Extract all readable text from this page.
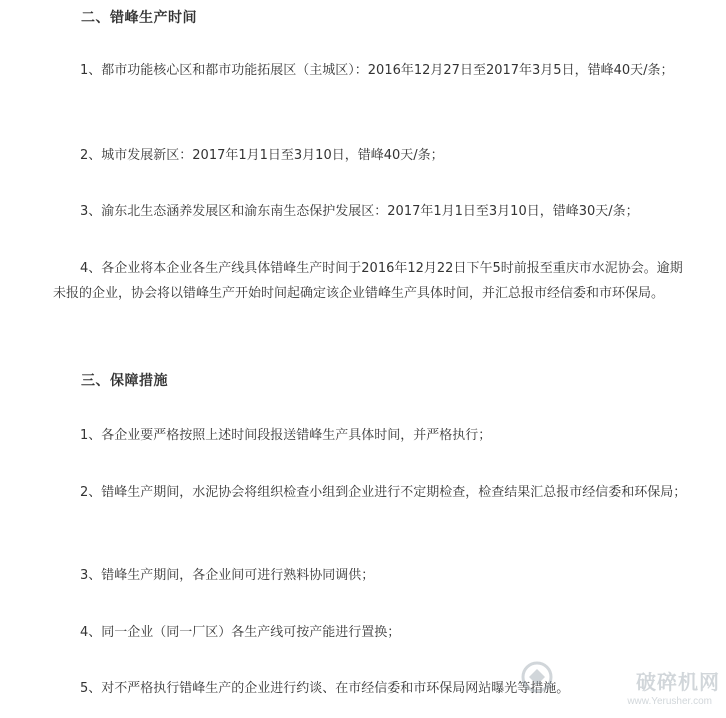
二、错峰生产时间
1、都市功能核心区和都市功能拓展区（主城区）：2016年12月27日至2017年3月5日，错峰40天/条；
2、城市发展新区：2017年1月1日至3月10日，错峰40天/条；
3、渝东北生态涵养发展区和渝东南生态保护发展区：2017年1月1日至3月10日，错峰30天/条；
4、各企业将本企业各生产线具体错峰生产时间于2016年12月22日下午5时前报至重庆市水泥协会。逾期未报的企业，协会将以错峰生产开始时间起确定该企业错峰生产具体时间，并汇总报市经信委和市环保局。
三、保障措施
1、各企业要严格按照上述时间段报送错峰生产具体时间，并严格执行；
2、错峰生产期间，水泥协会将组织检查小组到企业进行不定期检查，检查结果汇总报市经信委和环保局；
3、错峰生产期间，各企业间可进行熟料协同调供；
4、同一企业（同一厂区）各生产线可按产能进行置换；
5、对不严格执行错峰生产的企业进行约谈、在市经信委和市环保局网站曝光等措施。	破碎机网
www.Yerusher.com
